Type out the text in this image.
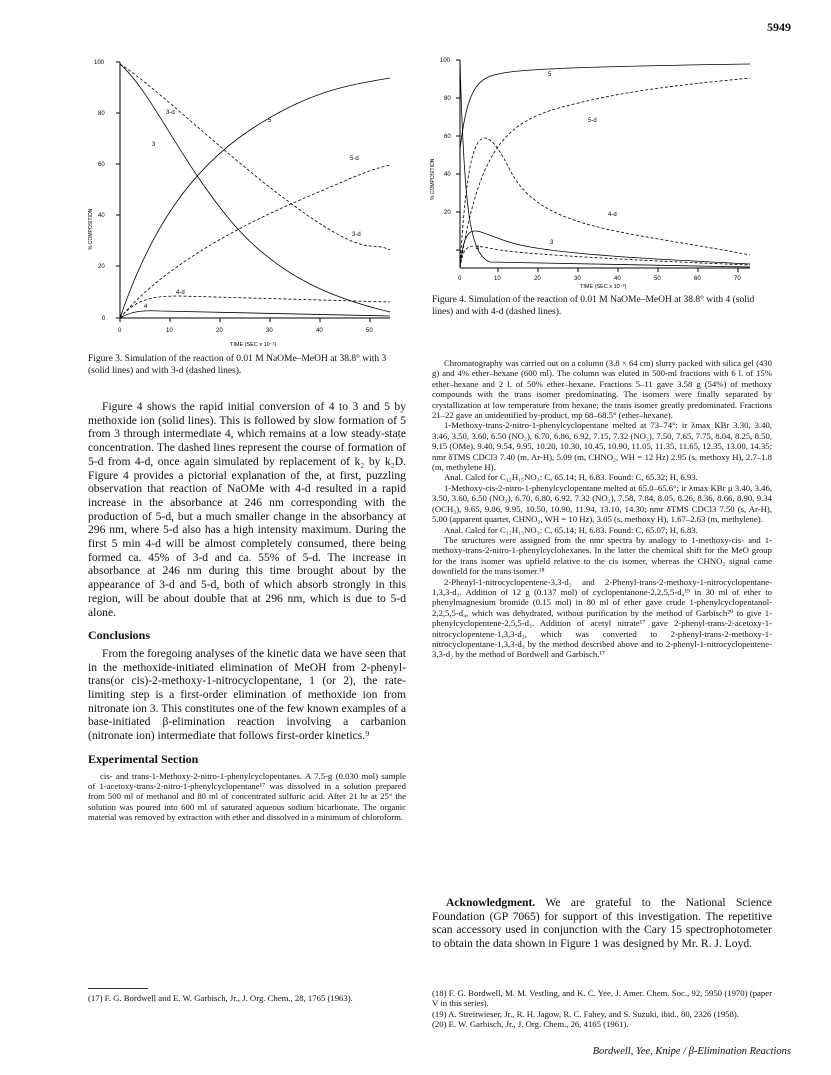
5949
100
80
60
40
20
0
0	10	20	30	40	50
TIME (SEC x 10⁻²)
% COMPOSITION
3-d
3
5
5-d
3-d
4-d
4
Figure 3. Simulation of the reaction of 0.01 M NaOMe–MeOH at 38.8° with 3 (solid lines) and with 3-d (dashed lines).
100
80
60
40
20
0	10	20	30	40	50	60	70
TIME (SEC x 10⁻²)
% COMPOSITION
5
5-d
4-d
3
4
Figure 4. Simulation of the reaction of 0.01 M NaOMe–MeOH at 38.8° with 4 (solid lines) and with 4-d (dashed lines).

Figure 4 shows the rapid initial conversion of 4 to 3 and 5 by methoxide ion (solid lines). This is followed by slow formation of 5 from 3 through intermediate 4, which remains at a low steady-state concentration. The dashed lines represent the course of formation of 5-d from 4-d, once again simulated by replacement of k₂ by k₂D. Figure 4 provides a pictorial explanation of the, at first, puzzling observation that reaction of NaOMe with 4-d resulted in a rapid increase in the absorbance at 246 nm corresponding with the production of 5-d, but a much smaller change in the absorbancy at 296 nm, where 5-d also has a high intensity maximum. During the first 5 min 4-d will be almost completely consumed, there being formed ca. 45% of 3-d and ca. 55% of 5-d. The increase in absorbance at 246 nm during this time brought about by the appearance of 3-d and 5-d, both of which absorb strongly in this region, will be about double that at 296 nm, which is due to 5-d alone.

Conclusions

From the foregoing analyses of the kinetic data we have seen that in the methoxide-initiated elimination of MeOH from 2-phenyl-trans(or cis)-2-methoxy-1-nitrocyclopentane, 1 (or 2), the rate-limiting step is a first-order elimination of methoxide ion from nitronate ion 3. This constitutes one of the few known examples of a base-initiated β-elimination reaction involving a carbanion (nitronate ion) intermediate that follows first-order kinetics.⁹

Experimental Section

cis- and trans-1-Methoxy-2-nitro-1-phenylcyclopentanes. A 7.5-g (0.030 mol) sample of 1-acetoxy-trans-2-nitro-1-phenylcyclopentane¹⁷ was dissolved in a solution prepared from 500 ml of methanol and 80 ml of concentrated sulfuric acid. After 21 hr at 25° the solution was poured into 600 ml of saturated aqueous sodium bicarbonate. The organic material was removed by extraction with ether and dissolved in a minimum of chloroform.

(17) F. G. Bordwell and E. W. Garbisch, Jr., J. Org. Chem., 28, 1765 (1963).

Chromatography was carried out on a column (3.8 × 64 cm) slurry packed with silica gel (430 g) and 4% ether–hexane (600 ml). The column was eluted in 500-ml fractions with 6 l. of 15% ether–hexane and 2 l. of 50% ether–hexane. Fractions 5–11 gave 3.58 g (54%) of methoxy compounds with the trans isomer predominating. The isomers were finally separated by crystallization at low temperature from hexane; the trans isomer greatly predominated. Fractions 21–22 gave an unidentified by-product, mp 68–68.5° (ether–hexane).

1-Methoxy-trans-2-nitro-1-phenylcyclopentane melted at 73–74°: ir λmax KBr 3.30, 3.40, 3.46, 3.50, 3.60, 6.50 (NO₂), 6.70, 6.86, 6.92, 7.15, 7.32 (NO₂), 7.50, 7.65, 7.75, 8.04, 8.25, 8.50, 9.15 (OMe), 9.40, 9.54, 9.95, 10.20, 10.30, 10.45, 10.90, 11.05, 11.35, 11.65, 12.35, 13.00, 14.35; nmr δTMS CDCl3 7.40 (m, Ar-H), 5.09 (m, CHNO₂, WH = 12 Hz) 2.95 (s, methoxy H), 2.7–1.8 (m, methylene H).

Anal. Calcd for C₁₂H₁₅NO₃: C, 65.14; H, 6.83. Found: C, 65.32; H, 6.93.

1-Methoxy-cis-2-nitro-1-phenylcyclopentane melted at 65.0–65.6°; ir λmax KBr μ 3.40, 3.46, 3.50, 3.60, 6.50 (NO₂), 6.70, 6.80, 6.92, 7.32 (NO₂), 7.58, 7.84, 8.05, 8.26, 8.36, 8.66, 8.90, 9.34 (OCH₃), 9.65, 9.86, 9.95, 10.50, 10.90, 11.94, 13.10, 14.30; nmr δTMS CDCl3 7.50 (s, Ar-H), 5.00 (apparent quartet, CHNO₂, WH = 10 Hz), 3.05 (s, methoxy H), 1.67–2.63 (m, methylene).

Anal. Calcd for C₁₂H₁₅NO₃: C, 65.14; H, 6.83. Found: C, 65.07; H, 6.83.

The structures were assigned from the nmr spectra by analogy to 1-methoxy-cis- and 1-methoxy-trans-2-nitro-1-phenylcyclohexanes. In the latter the chemical shift for the MeO group for the trans isomer was upfield relative to the cis isomer, whereas the CHNO₂ signal came downfield for the trans isomer.¹⁸

2-Phenyl-1-nitrocyclopentene-3,3-d₂ and 2-Phenyl-trans-2-methoxy-1-nitrocyclopentane-1,3,3-d₃. Addition of 12 g (0.137 mol) of cyclopentanone-2,2,5,5-d₄¹⁹ in 30 ml of ether to phenylmagnesium bromide (0.15 mol) in 80 ml of ether gave crude 1-phenylcyclopentanol-2,2,5,5-d₄, which was dehydrated, without purification by the method of Garbisch²⁰ to give 1-phenylcyclopentene-2,5,5-d₃. Addition of acetyl nitrate¹⁷ gave 2-phenyl-trans-2-acetoxy-1-nitrocyclopentene-1,3,3-d₃, which was converted to 2-phenyl-trans-2-methoxy-1-nitrocyclopentane-1,3,3-d₃ by the method described above and to 2-phenyl-1-nitrocyclopentene-3,3-d₂ by the method of Bordwell and Garbisch.¹⁷

Acknowledgment. We are grateful to the National Science Foundation (GP 7065) for support of this investigation. The repetitive scan accessory used in conjunction with the Cary 15 spectrophotometer to obtain the data shown in Figure 1 was designed by Mr. R. J. Loyd.

(18) F. G. Bordwell, M. M. Vestling, and K. C. Yee, J. Amer. Chem. Soc., 92, 5950 (1970) (paper V in this series).
(19) A. Streitwieser, Jr., R. H. Jagow, R. C. Fahey, and S. Suzuki, ibid., 80, 2326 (1958).
(20) E. W. Garbisch, Jr., J. Org. Chem., 26, 4165 (1961).
Bordwell, Yee, Knipe / β-Elimination Reactions
